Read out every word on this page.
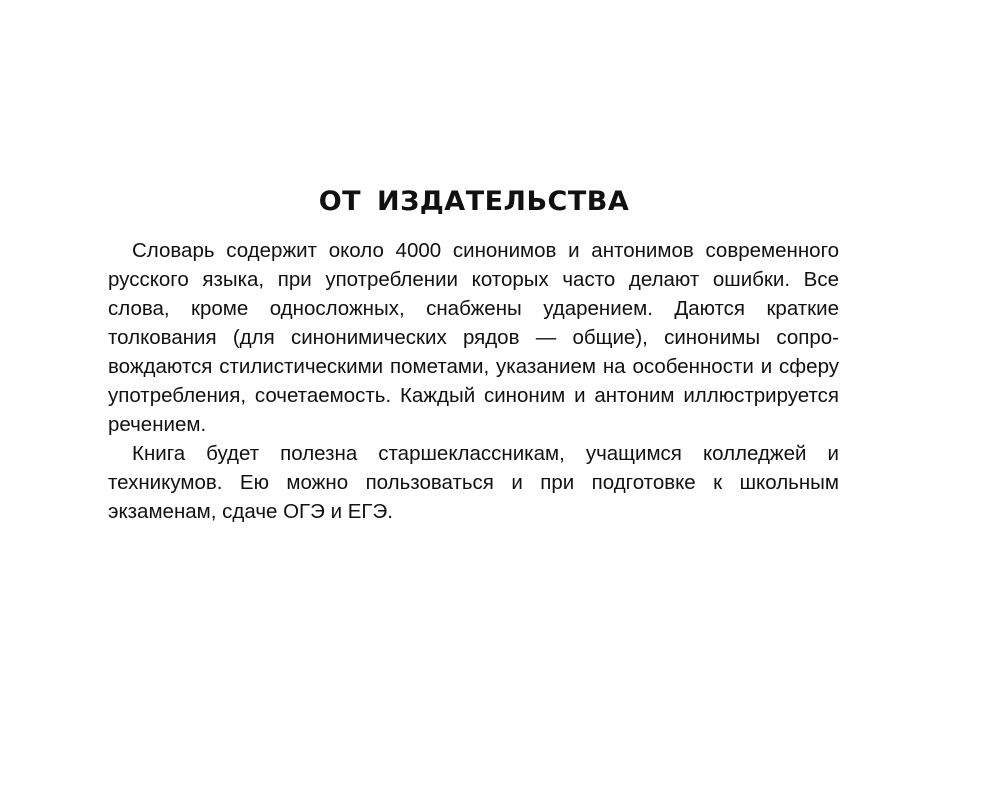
ОТ ИЗДАТЕЛЬСТВА

Словарь содержит около 4000 синонимов и антонимов современного русского языка, при употреблении которых часто делают ошибки. Все слова, кроме односложных, снабжены ударением. Даются краткие толкования (для синонимических рядов — общие), синонимы сопровождаются стилистическими пометами, указанием на особенности и сферу употребления, сочетаемость. Каждый синоним и антоним иллюстрируется речением.

Книга будет полезна старшеклассникам, учащимся колледжей и техникумов. Ею можно пользоваться и при подготовке к школьным экзаменам, сдаче ОГЭ и ЕГЭ.
